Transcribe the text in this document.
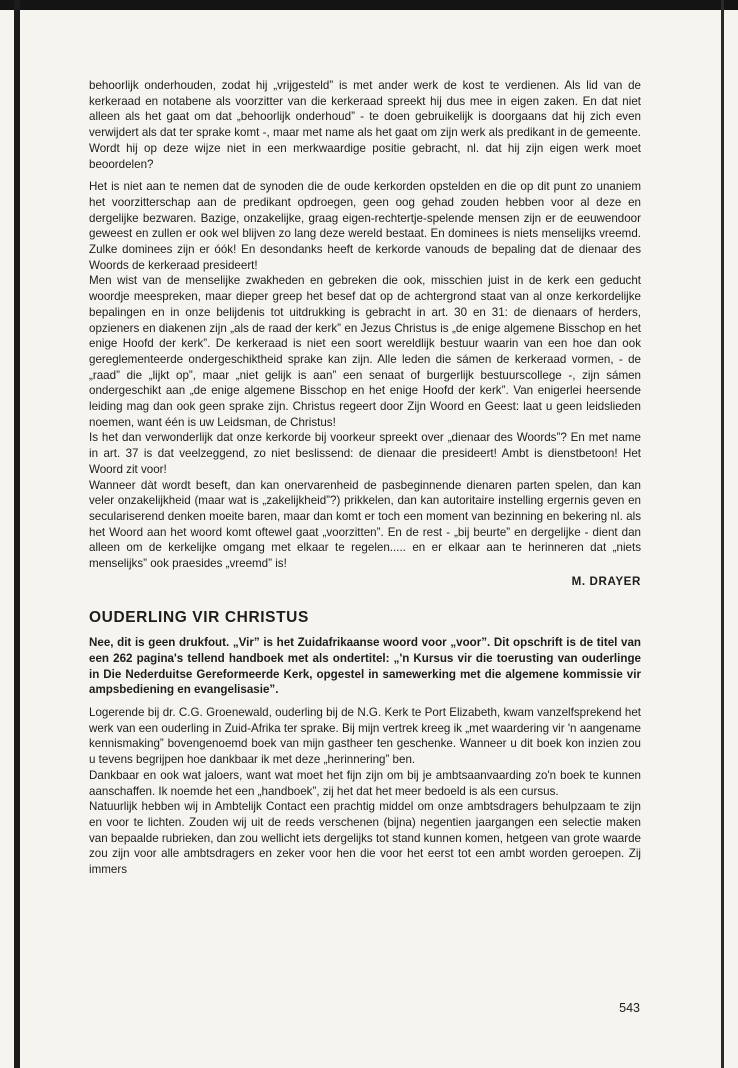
behoorlijk onderhouden, zodat hij „vrijgesteld” is met ander werk de kost te verdienen. Als lid van de kerkeraad en notabene als voorzitter van die kerkeraad spreekt hij dus mee in eigen zaken. En dat niet alleen als het gaat om dat „behoorlijk onderhoud” - te doen gebruikelijk is doorgaans dat hij zich even verwijdert als dat ter sprake komt -, maar met name als het gaat om zijn werk als predikant in de gemeente. Wordt hij op deze wijze niet in een merkwaardige positie gebracht, nl. dat hij zijn eigen werk moet beoordelen?

Het is niet aan te nemen dat de synoden die de oude kerkorden opstelden en die op dit punt zo unaniem het voorzitterschap aan de predikant opdroegen, geen oog gehad zouden hebben voor al deze en dergelijke bezwaren. Bazige, onzakelijke, graag eigen-rechtertje-spelende mensen zijn er de eeuwendoor geweest en zullen er ook wel blijven zo lang deze wereld bestaat. En dominees is niets menselijks vreemd. Zulke dominees zijn er óók! En desondanks heeft de kerkorde vanouds de bepaling dat de dienaar des Woords de kerkeraad presideert!

Men wist van de menselijke zwakheden en gebreken die ook, misschien juist in de kerk een geducht woordje meespreken, maar dieper greep het besef dat op de achtergrond staat van al onze kerkordelijke bepalingen en in onze belijdenis tot uitdrukking is gebracht in art. 30 en 31: de dienaars of herders, opzieners en diakenen zijn „als de raad der kerk” en Jezus Christus is „de enige algemene Bisschop en het enige Hoofd der kerk”. De kerkeraad is niet een soort wereldlijk bestuur waarin van een hoe dan ook gereglementeerde ondergeschiktheid sprake kan zijn. Alle leden die sámen de kerkeraad vormen, - de „raad” die „lijkt op”, maar „niet gelijk is aan” een senaat of burgerlijk bestuurscollege -, zijn sámen ondergeschikt aan „de enige algemene Bisschop en het enige Hoofd der kerk”. Van enigerlei heersende leiding mag dan ook geen sprake zijn. Christus regeert door Zijn Woord en Geest: laat u geen leidslieden noemen, want één is uw Leidsman, de Christus!

Is het dan verwonderlijk dat onze kerkorde bij voorkeur spreekt over „dienaar des Woords”? En met name in art. 37 is dat veelzeggend, zo niet beslissend: de dienaar die presideert! Ambt is dienstbetoon! Het Woord zit voor!

Wanneer dàt wordt beseft, dan kan onervarenheid de pasbeginnende dienaren parten spelen, dan kan veler onzakelijkheid (maar wat is „zakelijkheid”?) prikkelen, dan kan autoritaire instelling ergernis geven en seculariserend denken moeite baren, maar dan komt er toch een moment van bezinning en bekering nl. als het Woord aan het woord komt oftewel gaat „voorzitten”. En de rest - „bij beurte” en dergelijke - dient dan alleen om de kerkelijke omgang met elkaar te regelen..... en er elkaar aan te herinneren dat „niets menselijks” ook praesides „vreemd” is!

M. DRAYER
OUDERLING VIR CHRISTUS

Nee, dit is geen drukfout. „Vir” is het Zuidafrikaanse woord voor „voor”. Dit opschrift is de titel van een 262 pagina's tellend handboek met als ondertitel: „'n Kursus vir die toerusting van ouderlinge in Die Nederduitse Gereformeerde Kerk, opgestel in samewerking met die algemene kommissie vir ampsbediening en evangelisasie”.

Logerende bij dr. C.G. Groenewald, ouderling bij de N.G. Kerk te Port Elizabeth, kwam vanzelfsprekend het werk van een ouderling in Zuid-Afrika ter sprake. Bij mijn vertrek kreeg ik „met waardering vir 'n aangename kennismaking” bovengenoemd boek van mijn gastheer ten geschenke. Wanneer u dit boek kon inzien zou u tevens begrijpen hoe dankbaar ik met deze „herinnering” ben.

Dankbaar en ook wat jaloers, want wat moet het fijn zijn om bij je ambtsaanvaarding zo'n boek te kunnen aanschaffen. Ik noemde het een „handboek”, zij het dat het meer bedoeld is als een cursus.

Natuurlijk hebben wij in Ambtelijk Contact een prachtig middel om onze ambtsdragers behulpzaam te zijn en voor te lichten. Zouden wij uit de reeds verschenen (bijna) negentien jaargangen een selectie maken van bepaalde rubrieken, dan zou wellicht iets dergelijks tot stand kunnen komen, hetgeen van grote waarde zou zijn voor alle ambtsdragers en zeker voor hen die voor het eerst tot een ambt worden geroepen. Zij immers

543
